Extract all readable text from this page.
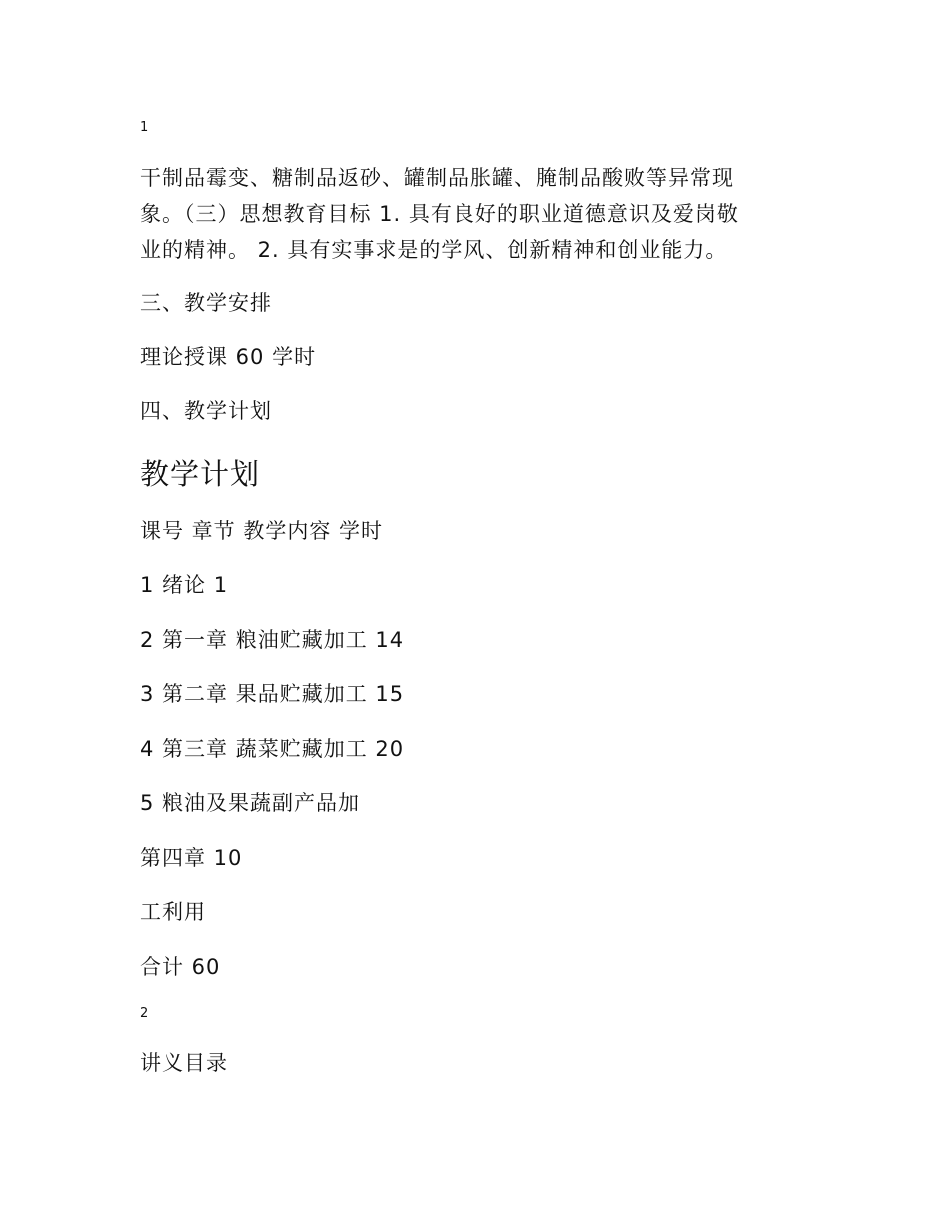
1
干制品霉变、糖制品返砂、罐制品胀罐、腌制品酸败等异常现
象。（三）思想教育目标 1. 具有良好的职业道德意识及爱岗敬
业的精神。 2. 具有实事求是的学风、创新精神和创业能力。
三、教学安排
理论授课 60 学时
四、教学计划
教学计划
课号 章节 教学内容 学时
1 绪论 1
2 第一章 粮油贮藏加工 14
3 第二章 果品贮藏加工 15
4 第三章 蔬菜贮藏加工 20
5 粮油及果蔬副产品加
第四章 10
工利用
合计 60
2
讲义目录
